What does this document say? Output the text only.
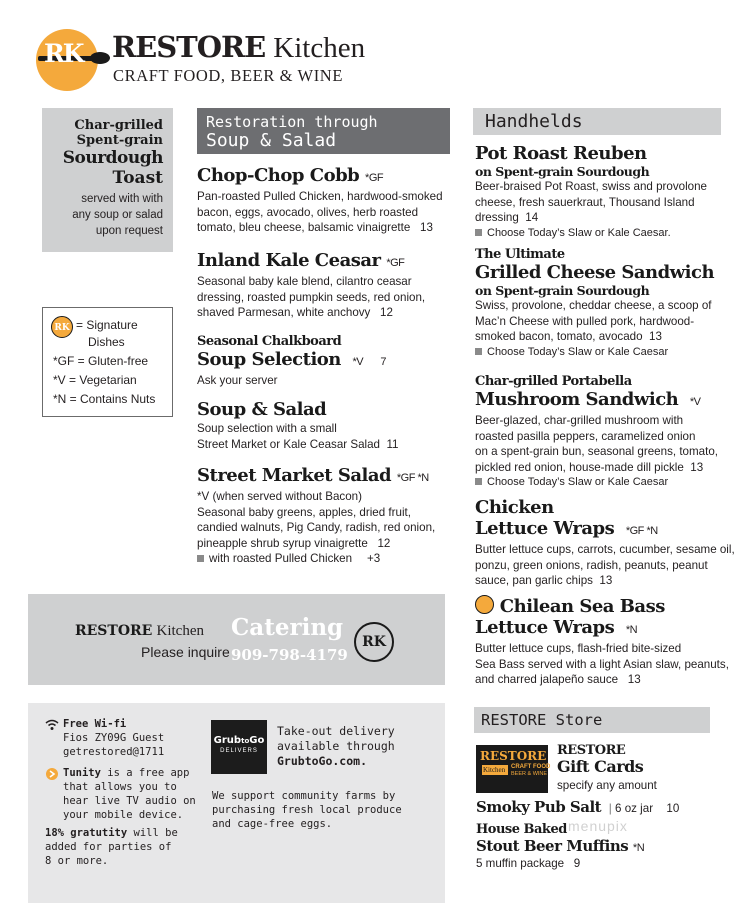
RK RESTORE Kitchen
CRAFT FOOD, BEER & WINE
Char-grilled
Spent-grain
Sourdough
Toast
served with with
any soup or salad
upon request
RK = Signature
Dishes
*GF = Gluten-free
*V = Vegetarian
*N = Contains Nuts
Restoration through
Soup & Salad
Chop-Chop Cobb *GF
Pan-roasted Pulled Chicken, hardwood-smoked
bacon, eggs, avocado, olives, herb roasted
tomato, bleu cheese, balsamic vinaigrette 13
Inland Kale Ceasar *GF
Seasonal baby kale blend, cilantro ceasar
dressing, roasted pumpkin seeds, red onion,
shaved Parmesan, white anchovy 12
Seasonal Chalkboard
Soup Selection *V 7
Ask your server
Soup & Salad
Soup selection with a small
Street Market or Kale Ceasar Salad 11
Street Market Salad *GF *N
*V (when served without Bacon)
Seasonal baby greens, apples, dried fruit,
candied walnuts, Pig Candy, radish, red onion,
pineapple shrub syrup vinaigrette 12
with roasted Pulled Chicken +3
Handhelds
Pot Roast Reuben
on Spent-grain Sourdough
Beer-braised Pot Roast, swiss and provolone
cheese, fresh sauerkraut, Thousand Island
dressing 14
Choose Today’s Slaw or Kale Caesar.
The Ultimate
Grilled Cheese Sandwich
on Spent-grain Sourdough
Swiss, provolone, cheddar cheese, a scoop of
Mac’n Cheese with pulled pork, hardwood-
smoked bacon, tomato, avocado 13
Choose Today’s Slaw or Kale Caesar
Char-grilled Portabella
Mushroom Sandwich *V
Beer-glazed, char-grilled mushroom with
roasted pasilla peppers, caramelized onion
on a spent-grain bun, seasonal greens, tomato,
pickled red onion, house-made dill pickle 13
Choose Today’s Slaw or Kale Caesar
Chicken
Lettuce Wraps *GF *N
Butter lettuce cups, carrots, cucumber, sesame oil,
ponzu, green onions, radish, peanuts, peanut
sauce, pan garlic chips 13
Chilean Sea Bass
Lettuce Wraps *N
Butter lettuce cups, flash-fried bite-sized
Sea Bass served with a light Asian slaw, peanuts,
and charred jalapeño sauce 13
RESTORE Kitchen Catering
Please inquire 909-798-4179
RK
Free Wi-fi
Fios ZY09G Guest
getrestored@1711
Tunity is a free app
that allows you to
hear live TV audio on
your mobile device.
18% gratutity will be
added for parties of
8 or more.
GrubtoGo
DELIVERS
Take-out delivery
available through
GrubtoGo.com.
We support community farms by
purchasing fresh local produce
and cage-free eggs.
RESTORE Store
RESTORE
Kitchen CRAFT FOOD
BEER & WINE
RESTORE
Gift Cards
specify any amount
Smoky Pub Salt  | 6 oz jar 10
House Baked
Stout Beer Muffins *N
5 muffin package 9
menupix
